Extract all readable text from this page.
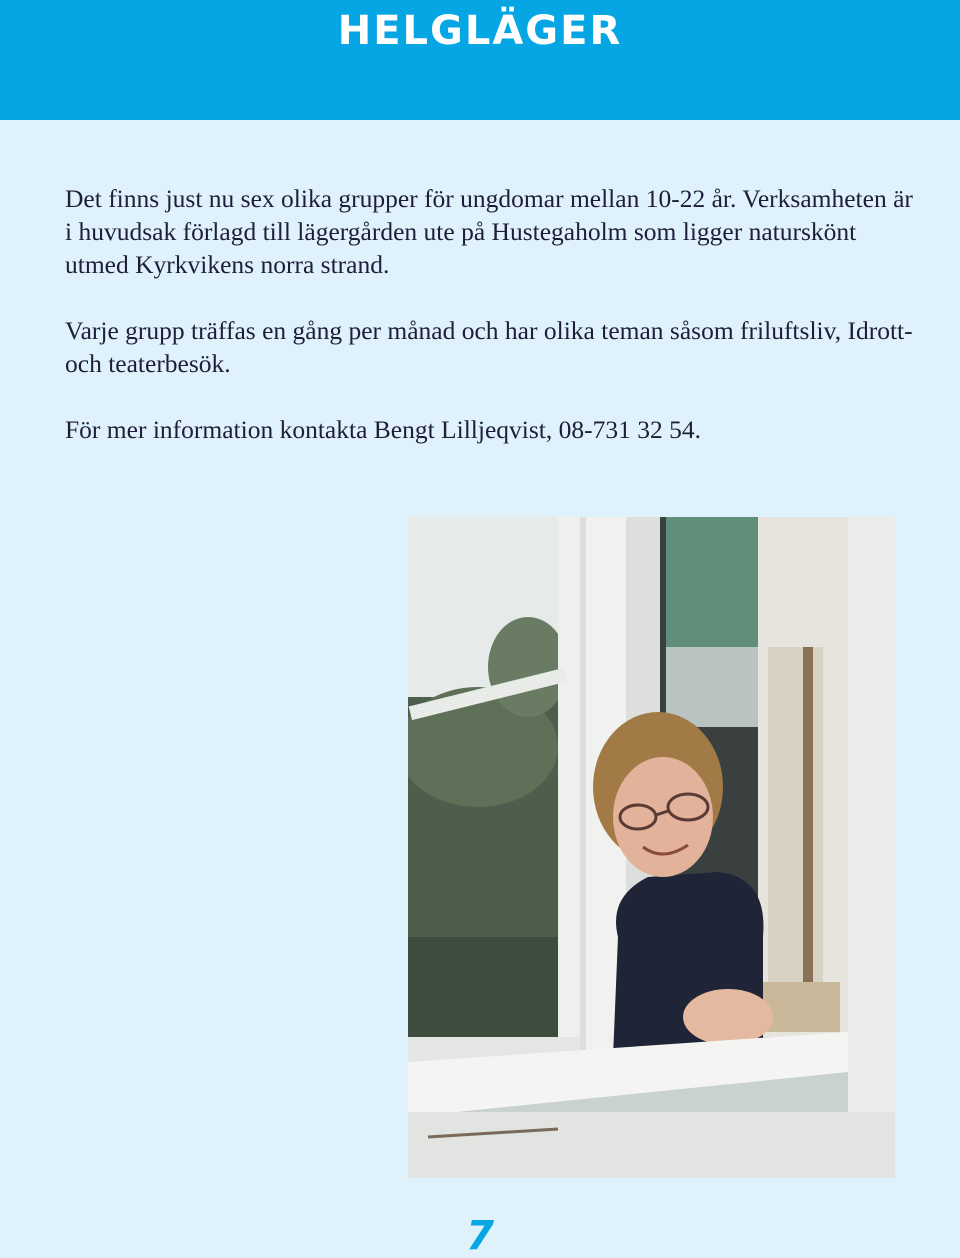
HELGLÄGER

Det finns just nu sex olika grupper för ungdomar mellan 10-22 år. Verksamheten är i huvudsak förlagd till lägergården ute på Hustegaholm som ligger naturskönt utmed Kyrkvikens norra strand.

Varje grupp träffas en gång per månad och har olika teman såsom friluftsliv, Idrott- och teaterbesök.

För mer information kontakta Bengt Lilljeqvist, 08-731 32 54.

7
